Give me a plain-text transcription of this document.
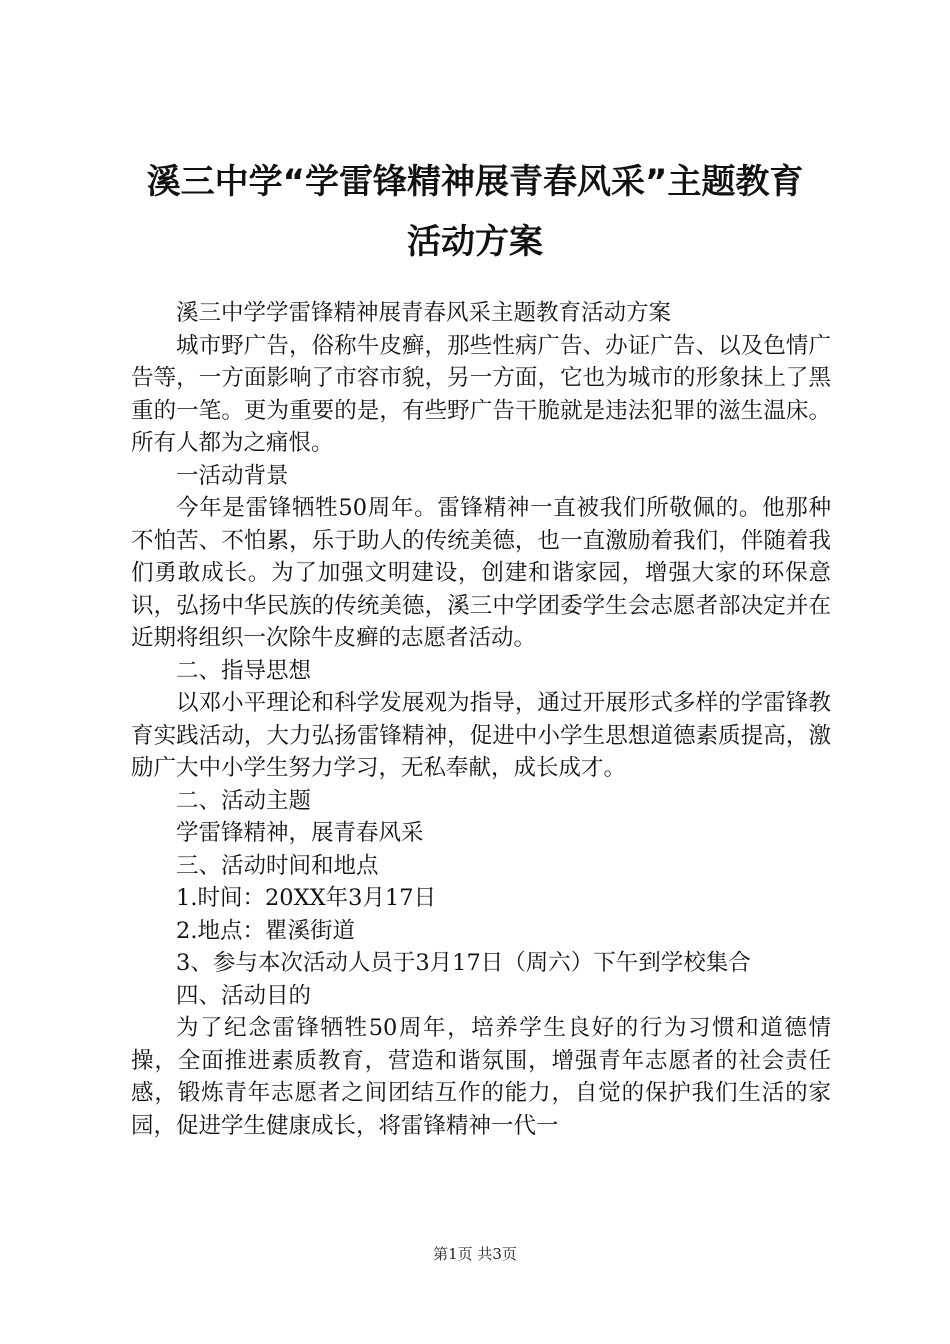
溪三中学“学雷锋精神展青春风采”主题教育
活动方案

溪三中学学雷锋精神展青春风采主题教育活动方案

城市野广告，俗称牛皮癣，那些性病广告、办证广告、以及色情广告等，一方面影响了市容市貌，另一方面，它也为城市的形象抹上了黑重的一笔。更为重要的是，有些野广告干脆就是违法犯罪的滋生温床。所有人都为之痛恨。

一活动背景

今年是雷锋牺牲50周年。雷锋精神一直被我们所敬佩的。他那种不怕苦、不怕累，乐于助人的传统美德，也一直激励着我们，伴随着我们勇敢成长。为了加强文明建设，创建和谐家园，增强大家的环保意识，弘扬中华民族的传统美德，溪三中学团委学生会志愿者部决定并在近期将组织一次除牛皮癣的志愿者活动。

二、指导思想

以邓小平理论和科学发展观为指导，通过开展形式多样的学雷锋教育实践活动，大力弘扬雷锋精神，促进中小学生思想道德素质提高，激励广大中小学生努力学习，无私奉献，成长成才。

二、活动主题

学雷锋精神，展青春风采

三、活动时间和地点

1.时间：20XX年3月17日

2.地点：瞿溪街道

3、参与本次活动人员于3月17日（周六）下午到学校集合

四、活动目的

为了纪念雷锋牺牲50周年，培养学生良好的行为习惯和道德情操，全面推进素质教育，营造和谐氛围，增强青年志愿者的社会责任感，锻炼青年志愿者之间团结互作的能力，自觉的保护我们生活的家园，促进学生健康成长，将雷锋精神一代一

第1页 共3页
